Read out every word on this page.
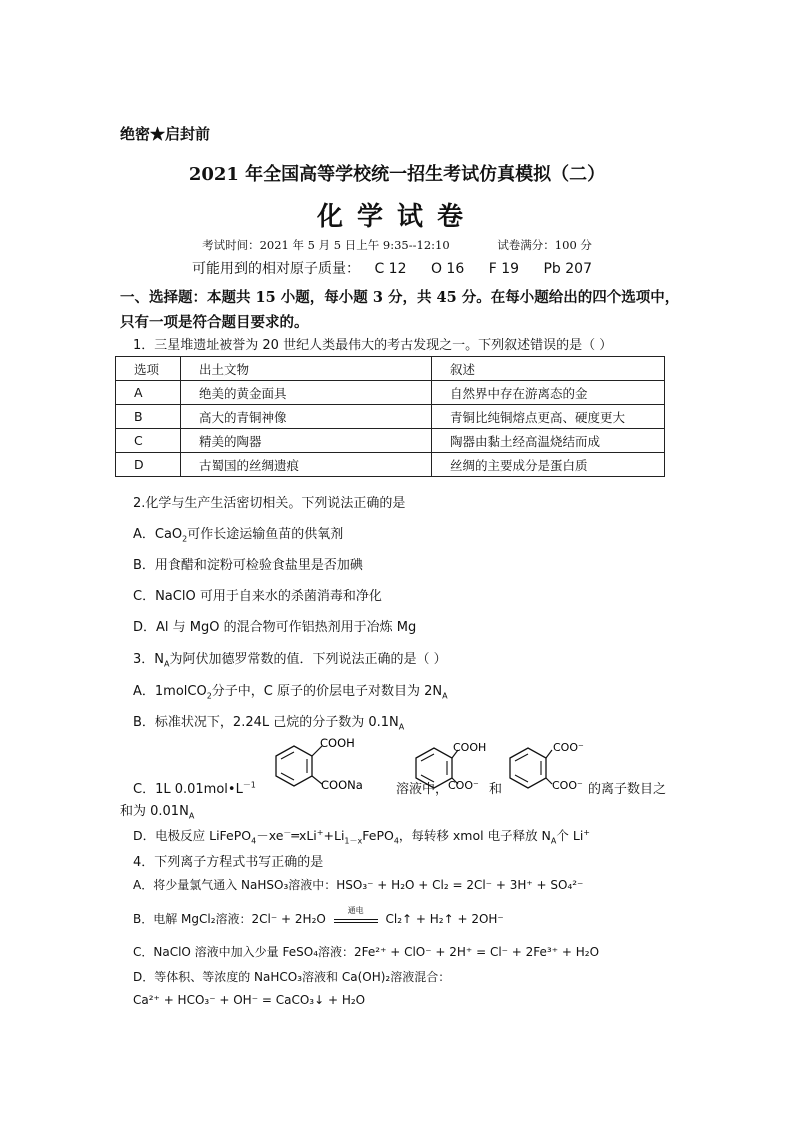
绝密★启封前
2021 年全国高等学校统一招生考试仿真模拟（二）
化学试卷
考试时间：2021 年 5 月 5 日上午 9:35--12:10	试卷满分：100 分
可能用到的相对原子质量： C 12 O 16 F 19 Pb 207
一、选择题：本题共 15 小题，每小题 3 分，共 45 分。在每小题给出的四个选项中，只有一项是符合题目要求的。
1．三星堆遗址被誉为 20 世纪人类最伟大的考古发现之一。下列叙述错误的是（ ）
选项	出土文物	叙述
A	绝美的黄金面具	自然界中存在游离态的金
B	高大的青铜神像	青铜比纯铜熔点更高、硬度更大
C	精美的陶器	陶器由黏土经高温烧结而成
D	古蜀国的丝绸遗痕	丝绸的主要成分是蛋白质
2.化学与生产生活密切相关。下列说法正确的是
A．CaO$_2$可作长途运输鱼苗的供氧剂
B．用食醋和淀粉可检验食盐里是否加碘
C．NaClO 可用于自来水的杀菌消毒和净化
D．Al 与 MgO 的混合物可作铝热剂用于冶炼 Mg
3．$N_A$为阿伏加德罗常数的值．下列说法正确的是（ ）
A．1molCO$_2$分子中，C 原子的价层电子对数目为 $2N_A$
B．标准状况下，2.24L 己烷的分子数为 $0.1N_A$
C．1L $0.01mol•L^{-1}$
COOH
COONa	溶液中，
COOH
COO⁻ 和
COO⁻
COO⁻ 的离子数目之
和为 $0.01N_A$
D．电极反应 $LiFePO_4-xe^-═xLi^++Li_{1-x}FePO_4$，每转移 xmol 电子释放 $N_A$个 Li+
4．下列离子方程式书写正确的是
A．将少量氯气通入 NaHSO₃溶液中：HSO₃⁻ + H₂O + Cl₂ = 2Cl⁻ + 3H⁺ + SO₄²⁻
B．电解 MgCl₂溶液：2Cl⁻ + 2H₂O
通电
Cl₂↑ + H₂↑ + 2OH⁻
C．NaClO 溶液中加入少量 FeSO₄溶液：2Fe²⁺ + ClO⁻ + 2H⁺ = Cl⁻ + 2Fe³⁺ + H₂O
D．等体积、等浓度的 NaHCO₃溶液和 Ca(OH)₂溶液混合：
Ca²⁺ + HCO₃⁻ + OH⁻ = CaCO₃↓ + H₂O
